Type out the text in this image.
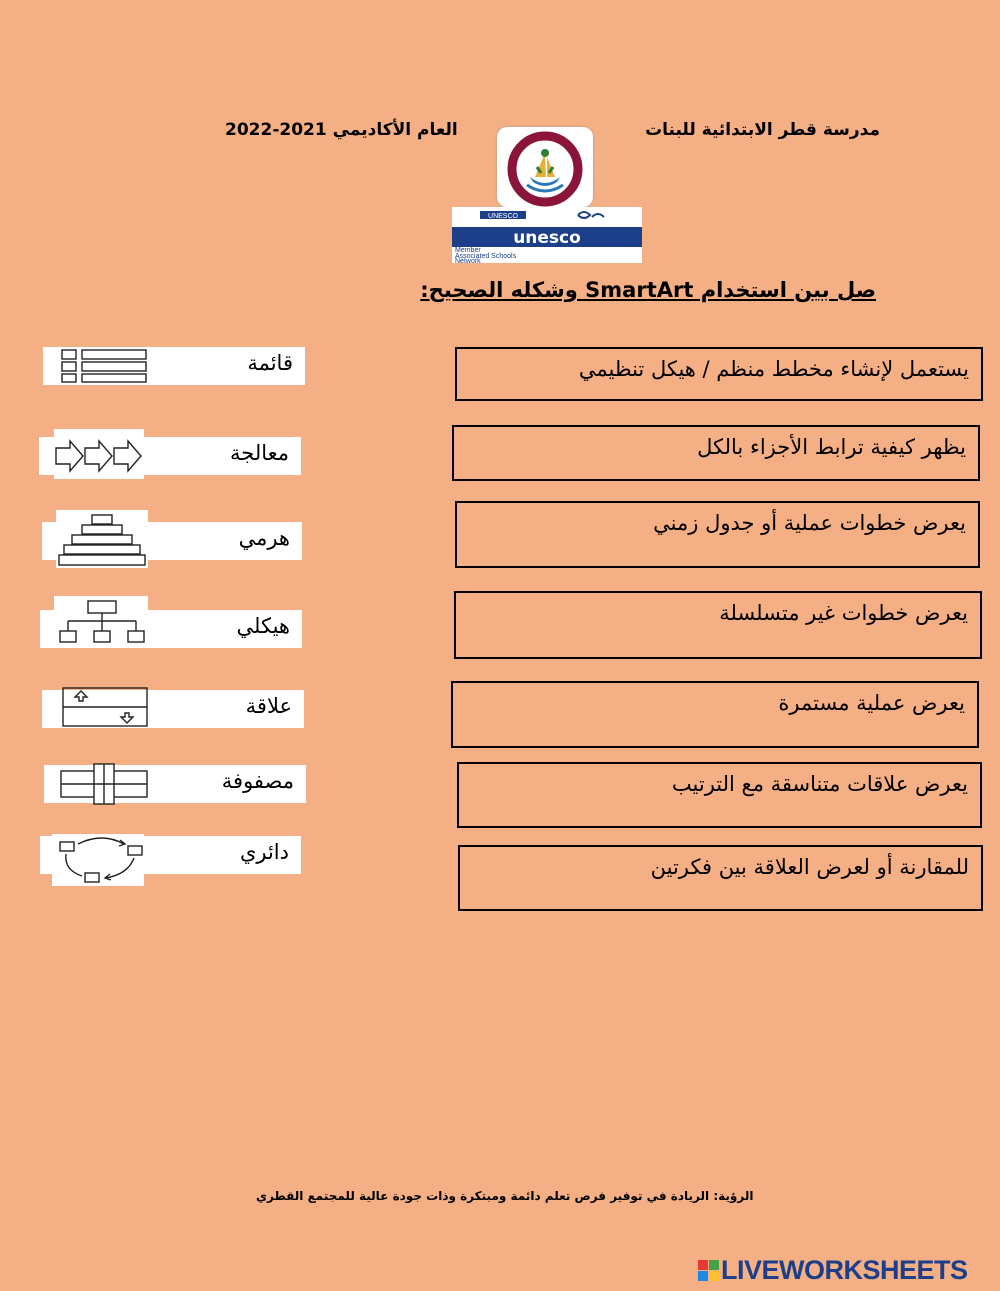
مدرسة قطر الابتدائية للبنات
العام الأكاديمي 2021-2022
UNESCO
unesco
Member
Associated Schools
Network
صل بين استخدام SmartArt وشكله الصحيح:
يستعمل لإنشاء مخطط منظم / هيكل تنظيمي
يظهر كيفية ترابط الأجزاء بالكل
يعرض خطوات عملية أو جدول زمني
يعرض خطوات غير متسلسلة
يعرض عملية مستمرة
يعرض علاقات متناسقة مع الترتيب
للمقارنة أو لعرض العلاقة بين فكرتين
قائمة
معالجة
هرمي
هيكلي
علاقة
مصفوفة
دائري
الرؤية: الريادة في توفير فرص تعلم دائمة ومبتكرة وذات جودة عالية للمجتمع القطري
LIVEWORKSHEETS
